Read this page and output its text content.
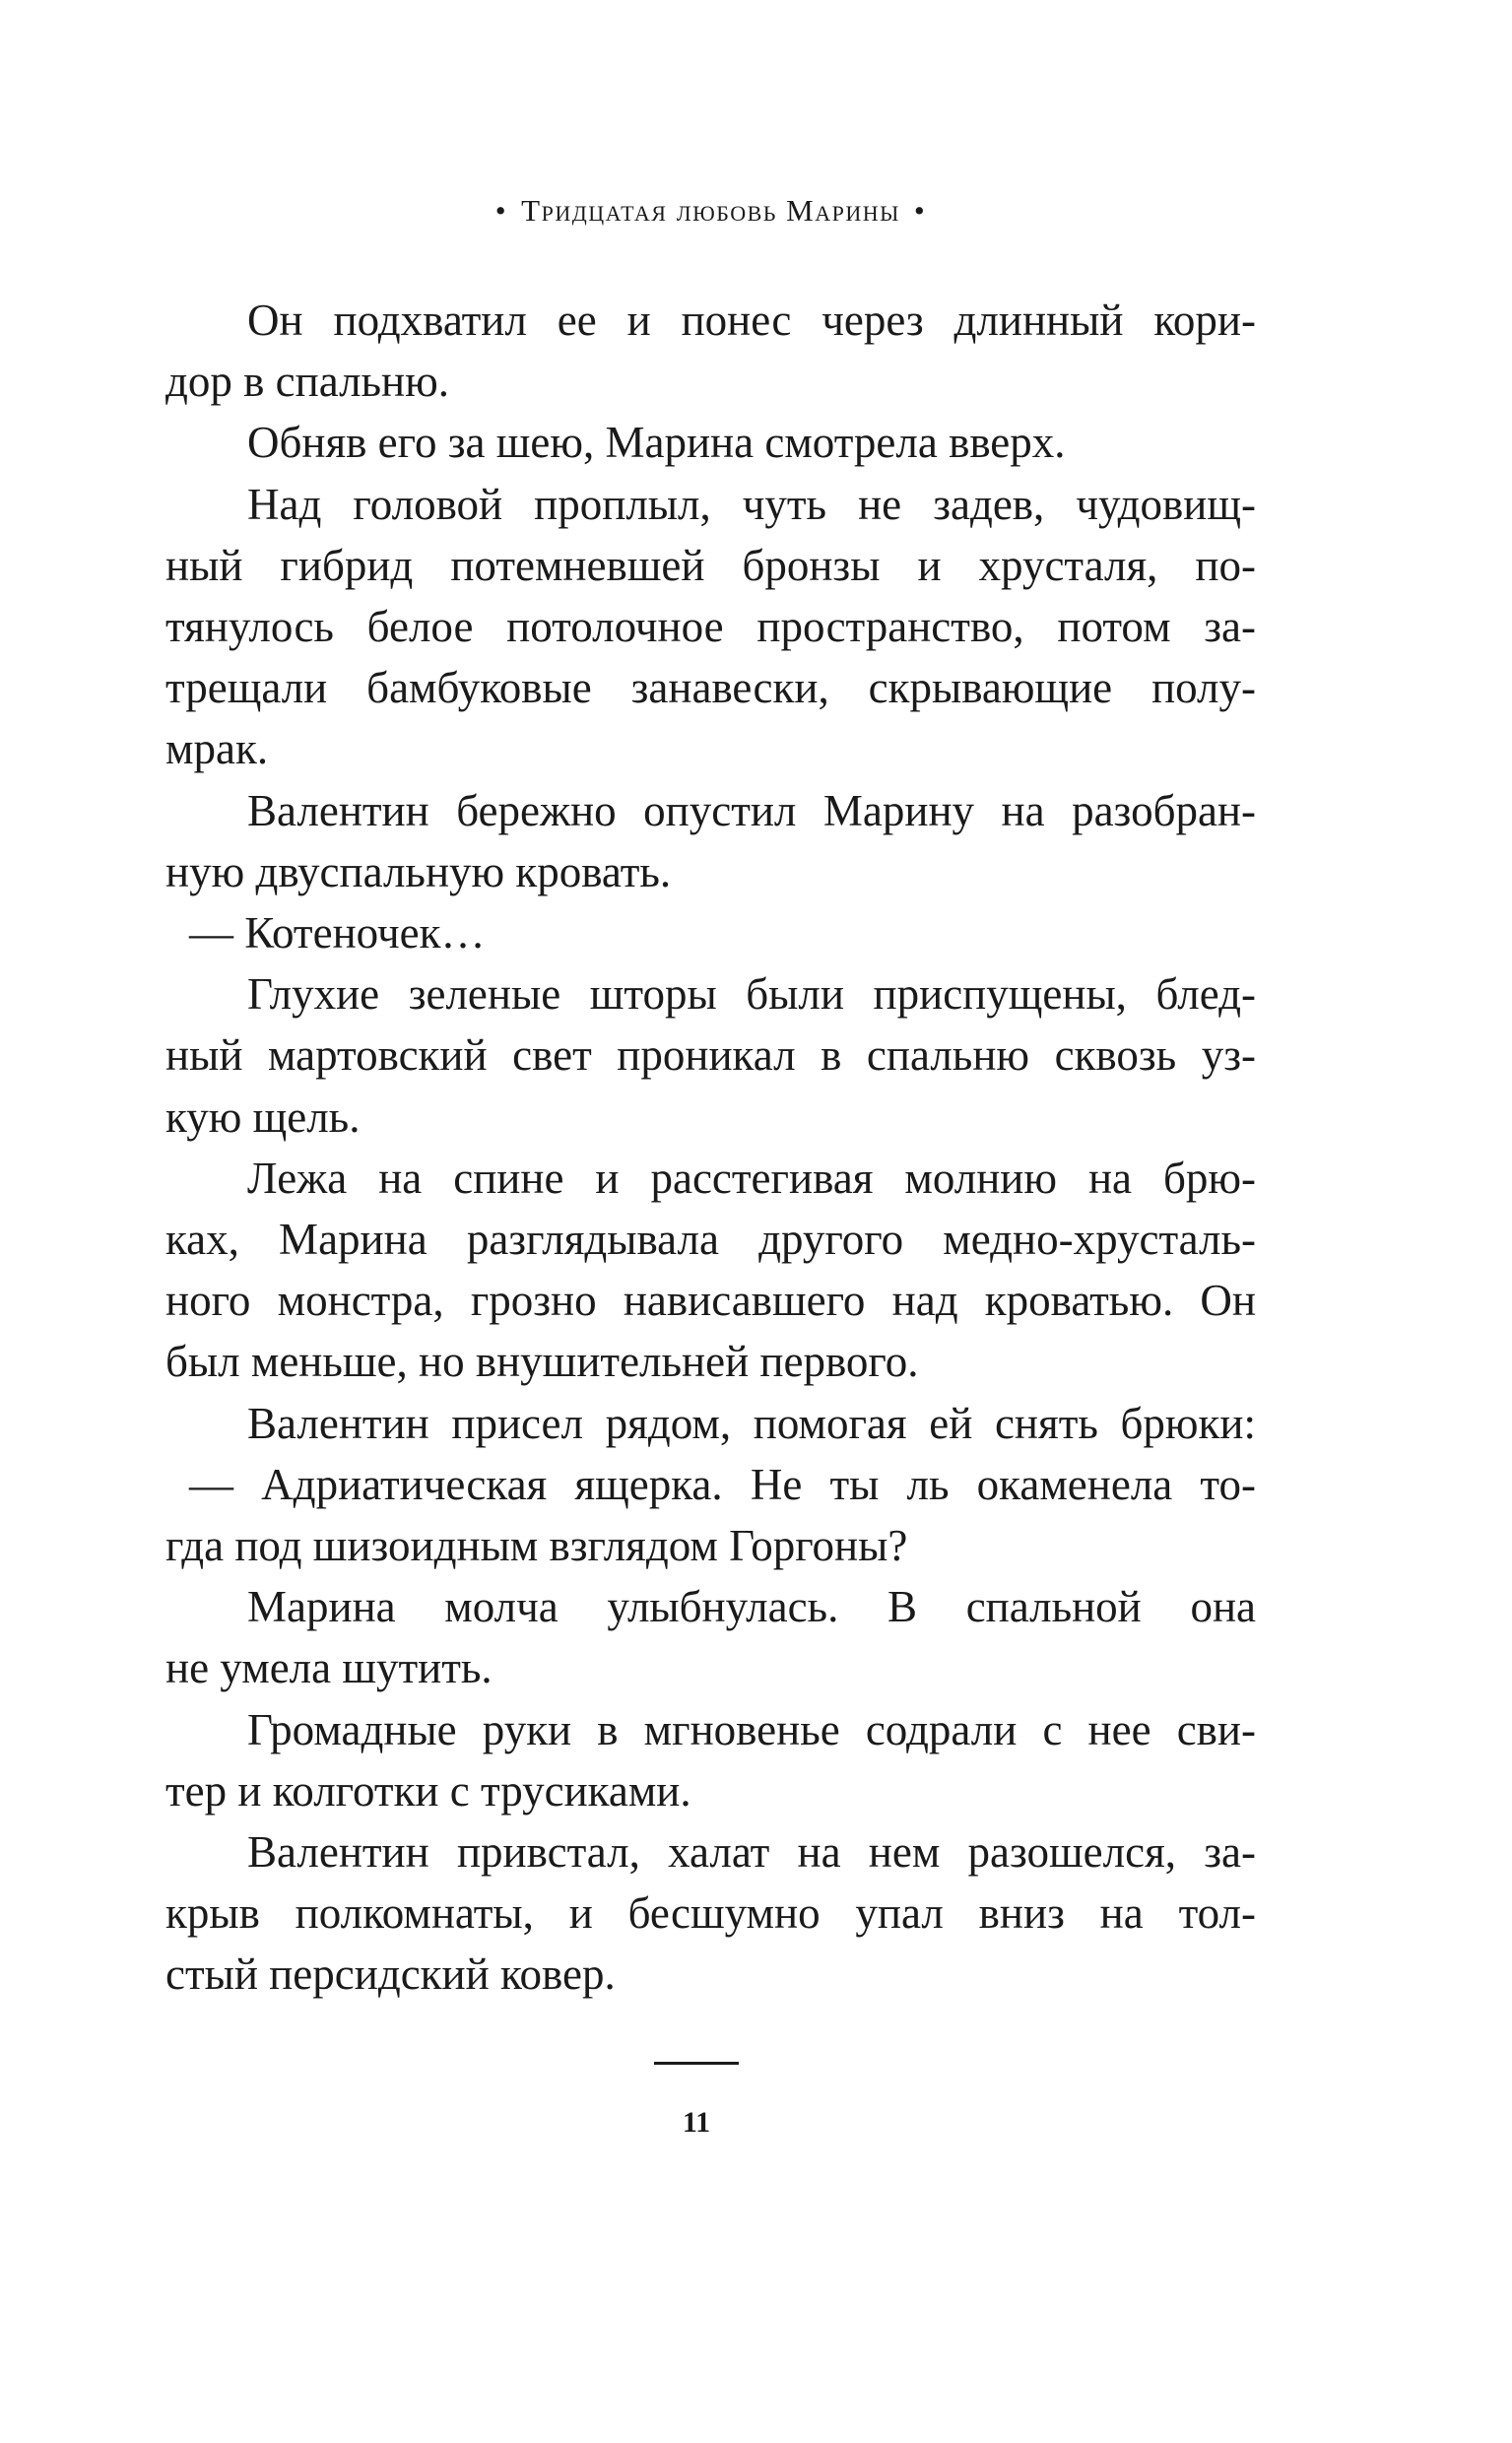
• Тридцатая любовь Марины •
Он подхватил ее и понес через длинный кори-
дор в спальню.
Обняв его за шею, Марина смотрела вверх.
Над головой проплыл, чуть не задев, чудовищ-
ный гибрид потемневшей бронзы и хрусталя, по-
тянулось белое потолочное пространство, потом за-
трещали бамбуковые занавески, скрывающие полу-
мрак.
Валентин бережно опустил Марину на разобран-
ную двуспальную кровать.
— Котеночек…
Глухие зеленые шторы были приспущены, блед-
ный мартовский свет проникал в спальню сквозь уз-
кую щель.
Лежа на спине и расстегивая молнию на брю-
ках, Марина разглядывала другого медно-хрусталь-
ного монстра, грозно нависавшего над кроватью. Он
был меньше, но внушительней первого.
Валентин присел рядом, помогая ей снять брюки:
— Адриатическая ящерка. Не ты ль окаменела то-
гда под шизоидным взглядом Горгоны?
Марина молча улыбнулась. В спальной она
не умела шутить.
Громадные руки в мгновенье содрали с нее сви-
тер и колготки с трусиками.
Валентин привстал, халат на нем разошелся, за-
крыв полкомнаты, и бесшумно упал вниз на тол-
стый персидский ковер.
11
